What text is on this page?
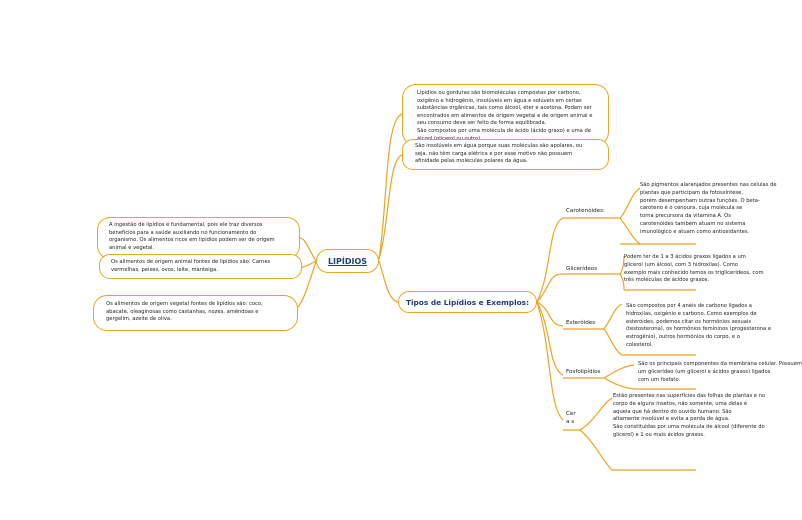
LIPÍDIOS

Lipídios ou gorduras são biomoléculas compostas por carbono,

oxigênio e hidrogênio, insolúveis em água e solúveis em certas

substâncias orgânicas, tais como álcool, éter e acetona. Podem ser

encontrados em alimentos de origem vegetal e de origem animal e

seu consumo deve ser feito de forma equilibrada.

São compostos por uma molécula de ácido (ácido graxo) e uma de

São insolúveis em água porque suas moléculas são apolares, ou

seja, não têm carga elétrica e por esse motivo não possuem

afinidade pelas moléculas polares da água.

A ingestão de lipídios é fundamental, pois ele traz diversos

benefícios para a saúde auxiliando no funcionamento do

organismo. Os alimentos ricos em lipídios podem ser de origem

animal e vegetal.

Os alimentos de origem animal fontes de lipídios são: Carnes

vermelhas, peixes, ovos, leite, manteiga.

Os alimentos de origem vegetal fontes de lipídios são: coco,

abacate, oleaginosas como castanhas, nozes, amêndoas e

gergelim, azeite de oliva.

Tipos de Lipídios e Exemplos:
Carotenóides:
Glicerídeos
Esteróides
Fosfolipídios
Cera s

São pigmentos alaranjados presentes nas células de

plantas que participam da fotossíntese,

porém desempenham outras funções. O beta-

caroteno é o cenoura, cuja molécula se

torna precursora da vitamina A. Os

carotenóides também atuam no sistema

imunológico e atuam como antioxidantes.

Podem ter de 1 a 3 ácidos graxos ligados a um

glicerol (um álcool, com 3 hidroxilas). Como

exemplo mais conhecido temos os triglicerídeos, com

três moléculas de ácidos graxos.

São compostos por 4 anéis de carbono ligados a

hidroxilas, oxigênio e carbono. Como exemplos de

esteróides, podemos citar os hormônios sexuais

(testosterona), os hormônios femininos (progesterona e

estrogênio), outros hormônios do corpo, e o

colesterol.

São os principais componentes da membrana celular. Possuem

um glicerídeo (um glicerol e ácidos graxos) ligados

com um fosfato.

Estão presentes nas superfícies das folhas de plantas e no

corpo de alguns insetos, não somente, uma delas é

aquela que há dentro do ouvido humano. São

altamente insolúvel e evita a perda de água.

São constituídas por uma molécula de álcool (diferente do

glicerol) e 1 ou mais ácidos graxos.
